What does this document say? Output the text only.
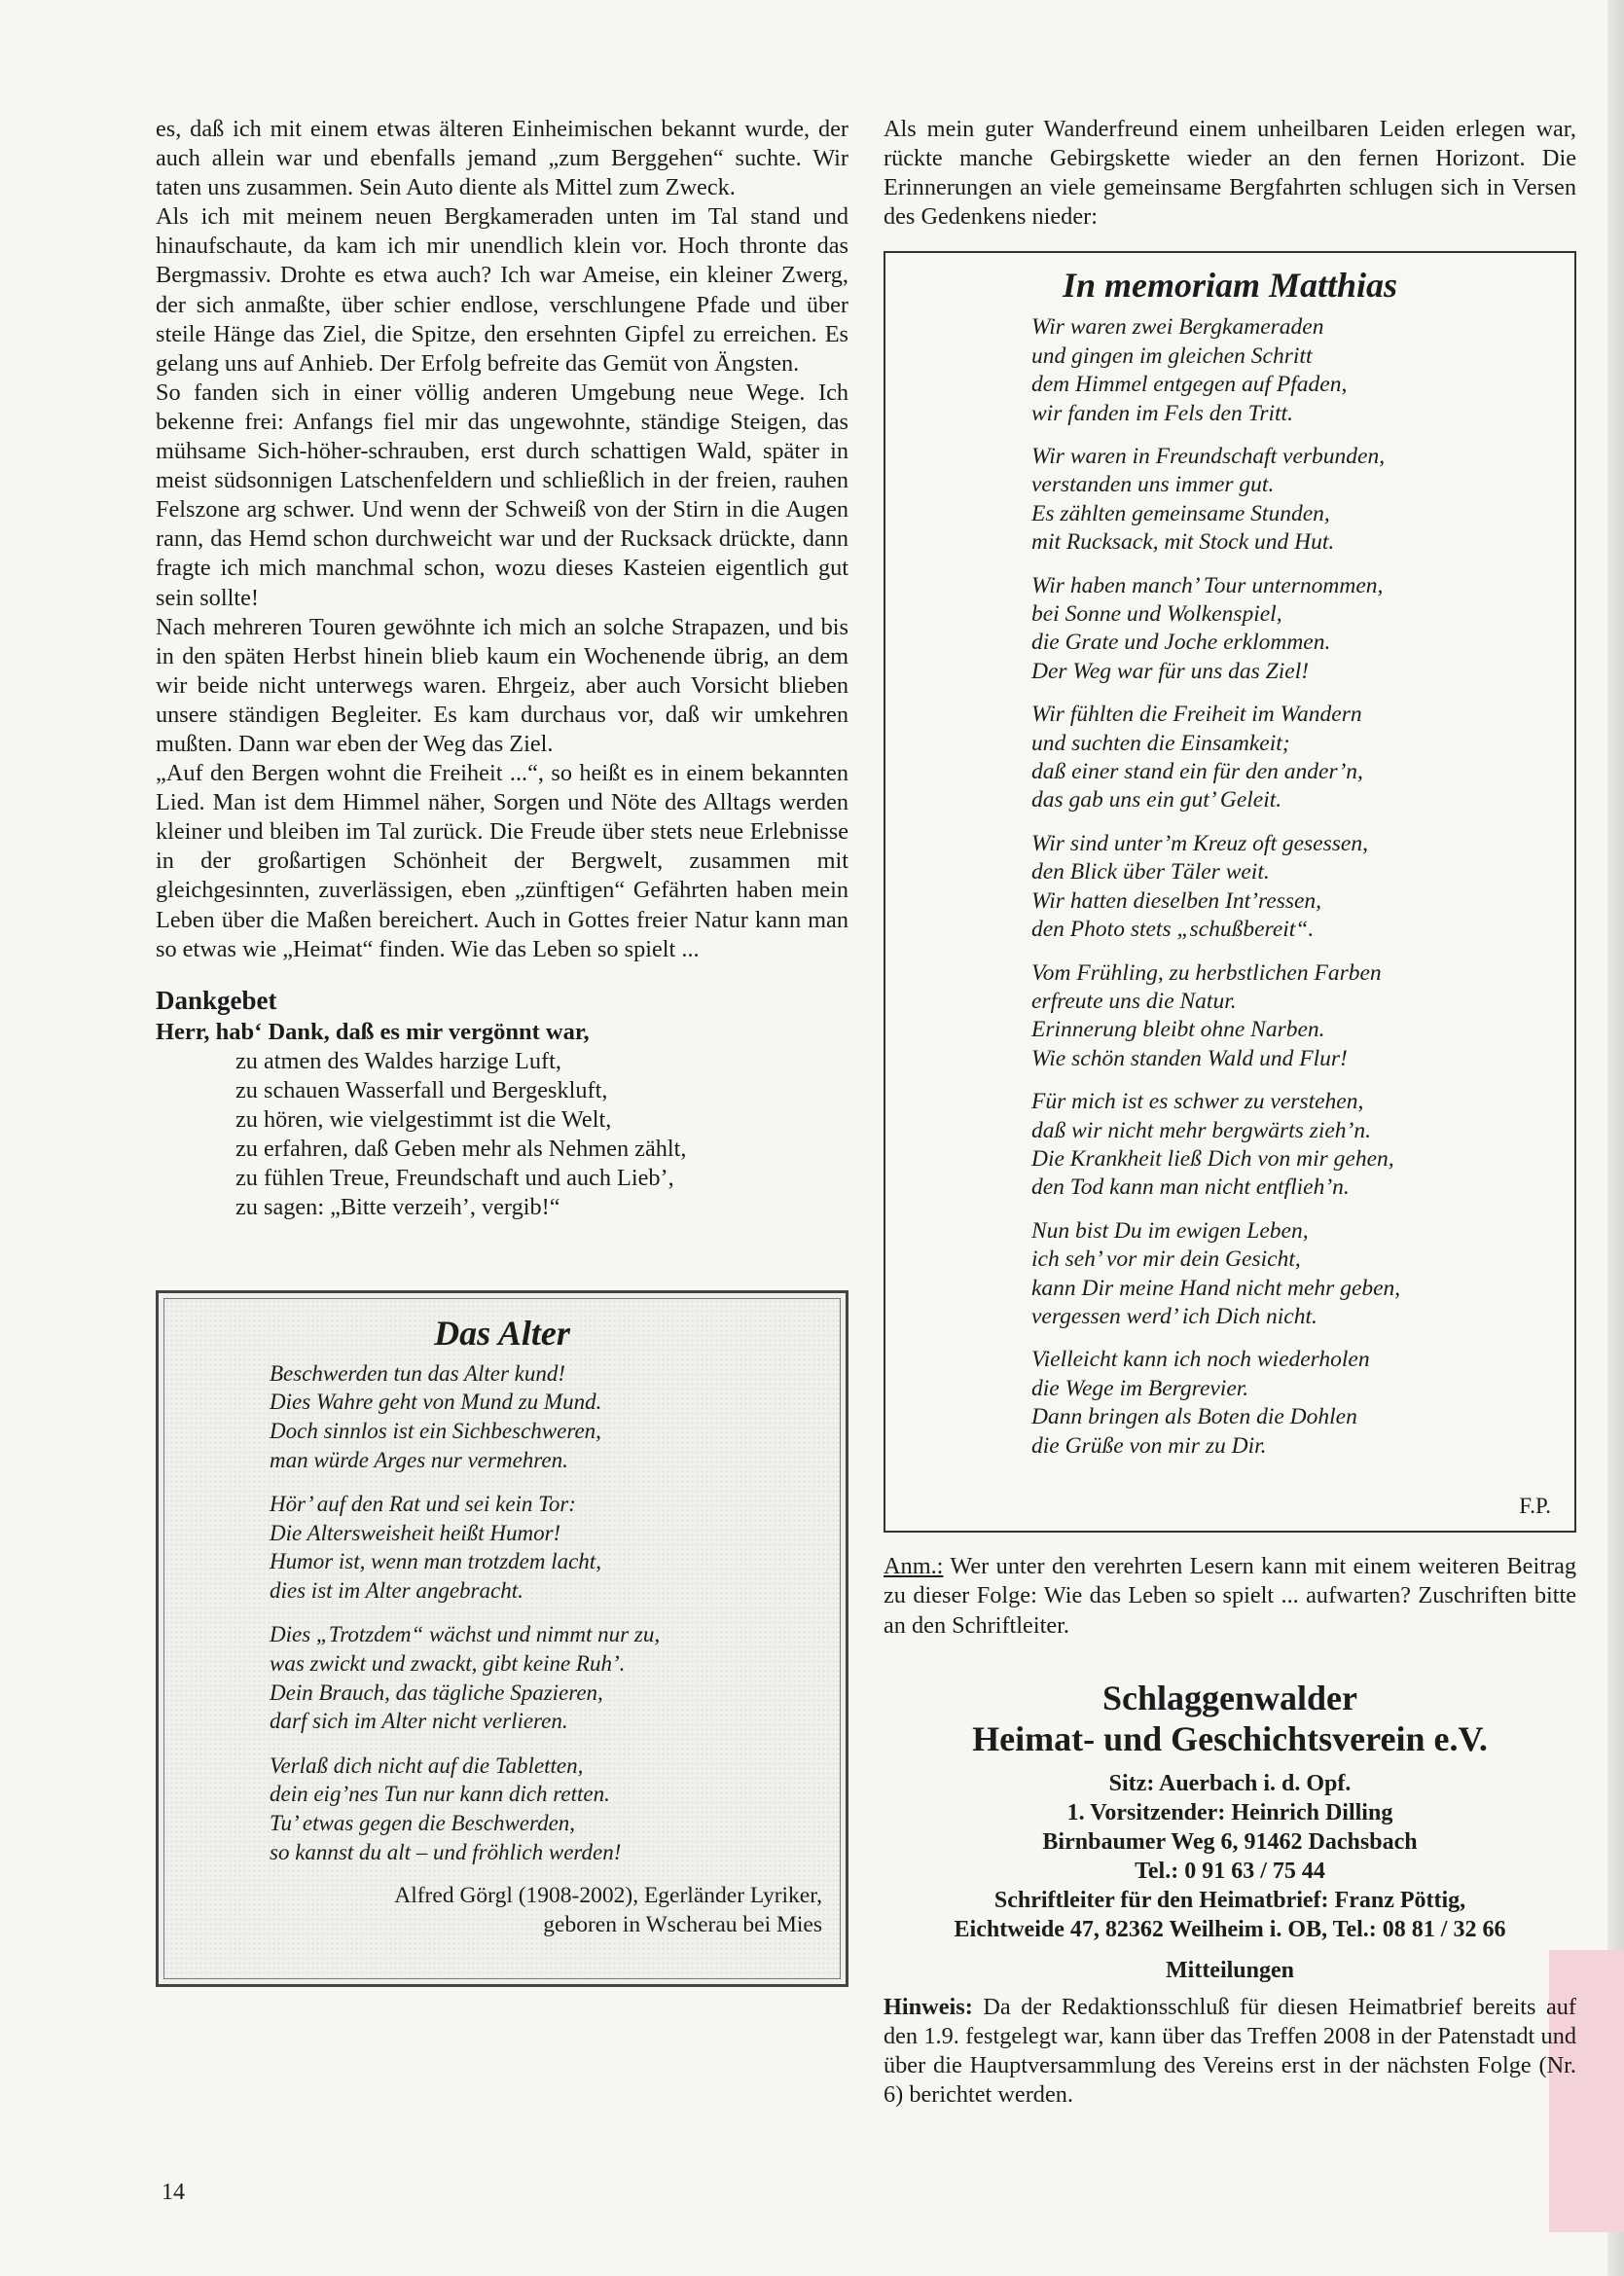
es, daß ich mit einem etwas älteren Einheimischen bekannt wurde, der auch allein war und ebenfalls jemand „zum Berggehen“ suchte. Wir taten uns zusammen. Sein Auto diente als Mittel zum Zweck.

Als ich mit meinem neuen Bergkameraden unten im Tal stand und hinaufschaute, da kam ich mir unendlich klein vor. Hoch thronte das Bergmassiv. Drohte es etwa auch? Ich war Ameise, ein kleiner Zwerg, der sich anmaßte, über schier endlose, verschlungene Pfade und über steile Hänge das Ziel, die Spitze, den ersehnten Gipfel zu erreichen. Es gelang uns auf Anhieb. Der Erfolg befreite das Gemüt von Ängsten.

So fanden sich in einer völlig anderen Umgebung neue Wege. Ich bekenne frei: Anfangs fiel mir das ungewohnte, ständige Steigen, das mühsame Sich-höher-schrauben, erst durch schattigen Wald, später in meist südsonnigen Latschenfeldern und schließlich in der freien, rauhen Felszone arg schwer. Und wenn der Schweiß von der Stirn in die Augen rann, das Hemd schon durchweicht war und der Rucksack drückte, dann fragte ich mich manchmal schon, wozu dieses Kasteien eigentlich gut sein sollte!

Nach mehreren Touren gewöhnte ich mich an solche Strapazen, und bis in den späten Herbst hinein blieb kaum ein Wochenende übrig, an dem wir beide nicht unterwegs waren. Ehrgeiz, aber auch Vorsicht blieben unsere ständigen Begleiter. Es kam durchaus vor, daß wir umkehren mußten. Dann war eben der Weg das Ziel.

„Auf den Bergen wohnt die Freiheit ...“, so heißt es in einem bekannten Lied. Man ist dem Himmel näher, Sorgen und Nöte des Alltags werden kleiner und bleiben im Tal zurück. Die Freude über stets neue Erlebnisse in der großartigen Schönheit der Bergwelt, zusammen mit gleichgesinnten, zuverlässigen, eben „zünftigen“ Gefährten haben mein Leben über die Maßen bereichert. Auch in Gottes freier Natur kann man so etwas wie „Heimat“ finden. Wie das Leben so spielt ...

Dankgebet

Herr, hab‘ Dank, daß es mir vergönnt war,

zu atmen des Waldes harzige Luft,
zu schauen Wasserfall und Bergeskluft,
zu hören, wie vielgestimmt ist die Welt,
zu erfahren, daß Geben mehr als Nehmen zählt,
zu fühlen Treue, Freundschaft und auch Lieb’,
zu sagen: „Bitte verzeih’, vergib!“
Das Alter
Beschwerden tun das Alter kund!
Dies Wahre geht von Mund zu Mund.
Doch sinnlos ist ein Sichbeschweren,
man würde Arges nur vermehren.
Hör’ auf den Rat und sei kein Tor:
Die Altersweisheit heißt Humor!
Humor ist, wenn man trotzdem lacht,
dies ist im Alter angebracht.
Dies „Trotzdem“ wächst und nimmt nur zu,
was zwickt und zwackt, gibt keine Ruh’.
Dein Brauch, das tägliche Spazieren,
darf sich im Alter nicht verlieren.
Verlaß dich nicht auf die Tabletten,
dein eig’nes Tun nur kann dich retten.
Tu’ etwas gegen die Beschwerden,
so kannst du alt – und fröhlich werden!
Alfred Görgl (1908-2002), Egerländer Lyriker,
geboren in Wscherau bei Mies

Als mein guter Wanderfreund einem unheilbaren Leiden erlegen war, rückte manche Gebirgskette wieder an den fernen Horizont. Die Erinnerungen an viele gemeinsame Bergfahrten schlugen sich in Versen des Gedenkens nieder:

In memoriam Matthias
Wir waren zwei Bergkameraden
und gingen im gleichen Schritt
dem Himmel entgegen auf Pfaden,
wir fanden im Fels den Tritt.
Wir waren in Freundschaft verbunden,
verstanden uns immer gut.
Es zählten gemeinsame Stunden,
mit Rucksack, mit Stock und Hut.
Wir haben manch’ Tour unternommen,
bei Sonne und Wolkenspiel,
die Grate und Joche erklommen.
Der Weg war für uns das Ziel!
Wir fühlten die Freiheit im Wandern
und suchten die Einsamkeit;
daß einer stand ein für den ander’n,
das gab uns ein gut’ Geleit.
Wir sind unter’m Kreuz oft gesessen,
den Blick über Täler weit.
Wir hatten dieselben Int’ressen,
den Photo stets „schußbereit“.
Vom Frühling, zu herbstlichen Farben
erfreute uns die Natur.
Erinnerung bleibt ohne Narben.
Wie schön standen Wald und Flur!
Für mich ist es schwer zu verstehen,
daß wir nicht mehr bergwärts zieh’n.
Die Krankheit ließ Dich von mir gehen,
den Tod kann man nicht entflieh’n.
Nun bist Du im ewigen Leben,
ich seh’ vor mir dein Gesicht,
kann Dir meine Hand nicht mehr geben,
vergessen werd’ ich Dich nicht.
Vielleicht kann ich noch wiederholen
die Wege im Bergrevier.
Dann bringen als Boten die Dohlen
die Grüße von mir zu Dir.
F.P.

Anm.: Wer unter den verehrten Lesern kann mit einem weiteren Beitrag zu dieser Folge: Wie das Leben so spielt ... aufwarten? Zuschriften bitte an den Schriftleiter.

Schlaggenwalder
Heimat- und Geschichtsverein e.V.
Sitz: Auerbach i. d. Opf.
1. Vorsitzender: Heinrich Dilling
Birnbaumer Weg 6, 91462 Dachsbach
Tel.: 0 91 63 / 75 44
Schriftleiter für den Heimatbrief: Franz Pöttig,
Eichtweide 47, 82362 Weilheim i. OB, Tel.: 08 81 / 32 66
Mitteilungen

Hinweis: Da der Redaktionsschluß für diesen Heimatbrief bereits auf den 1.9. festgelegt war, kann über das Treffen 2008 in der Patenstadt und über die Hauptversammlung des Vereins erst in der nächsten Folge (Nr. 6) berichtet werden.

14
